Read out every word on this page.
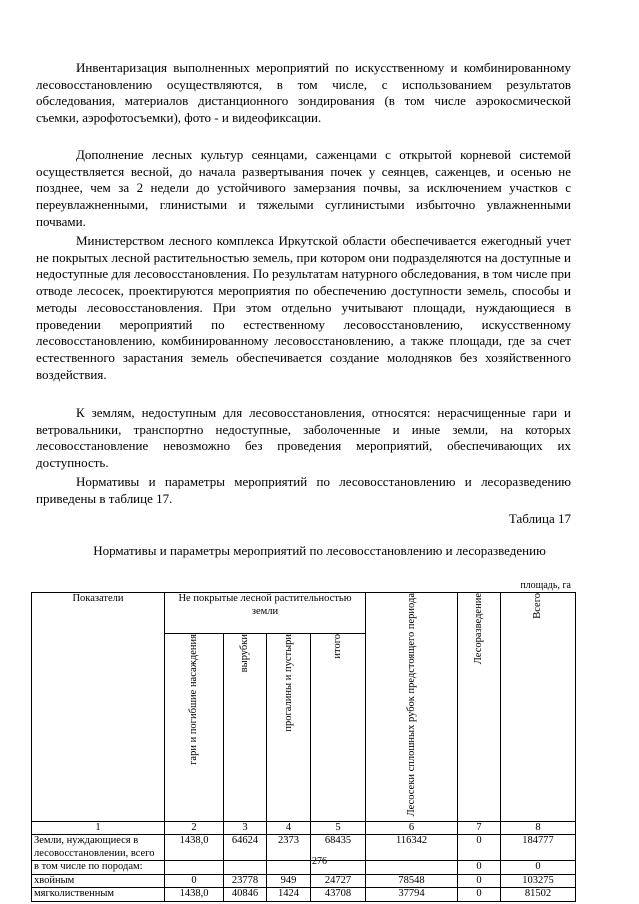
Инвентаризация выполненных мероприятий по искусственному и комбинированному лесовосстановлению осуществляются, в том числе, с использованием результатов обследования, материалов дистанционного зондирования (в том числе аэрокосмической съемки, аэрофотосъемки), фото - и видеофиксации.

Дополнение лесных культур сеянцами, саженцами с открытой корневой системой осуществляется весной, до начала развертывания почек у сеянцев, саженцев, и осенью не позднее, чем за 2 недели до устойчивого замерзания почвы, за исключением участков с переувлажненными, глинистыми и тяжелыми суглинистыми избыточно увлажненными почвами.

Министерством лесного комплекса Иркутской области обеспечивается ежегодный учет не покрытых лесной растительностью земель, при котором они подразделяются на доступные и недоступные для лесовосстановления. По результатам натурного обследования, в том числе при отводе лесосек, проектируются мероприятия по обеспечению доступности земель, способы и методы лесовосстановления. При этом отдельно учитывают площади, нуждающиеся в проведении мероприятий по естественному лесовосстановлению, искусственному лесовосстановлению, комбинированному лесовосстановлению, а также площади, где за счет естественного зарастания земель обеспечивается создание молодняков без хозяйственного воздействия.

К землям, недоступным для лесовосстановления, относятся: нерасчищенные гари и ветровальники, транспортно недоступные, заболоченные и иные земли, на которых лесовосстановление невозможно без проведения мероприятий, обеспечивающих их доступность.

Нормативы и параметры мероприятий по лесовосстановлению и лесоразведению приведены в таблице 17.

Таблица 17
Нормативы и параметры мероприятий по лесовосстановлению и лесоразведению
площадь, га
Показатели	Не покрытые лесной растительностью земли				Лесосеки сплошных рубок предстоящего периода	Лесоразведение	Всего
	гари и погибшие насаждения	вырубки	прогалины и пустыри	итого			
1	2	3	4	5	6	7	8
Земли, нуждающиеся в лесовосстановлении, всего	1438,0	64624	2373	68435	116342	0	184777
в том числе по породам:						0	0
хвойным	0	23778	949	24727	78548	0	103275
мягколиственным	1438,0	40846	1424	43708	37794	0	81502
276
